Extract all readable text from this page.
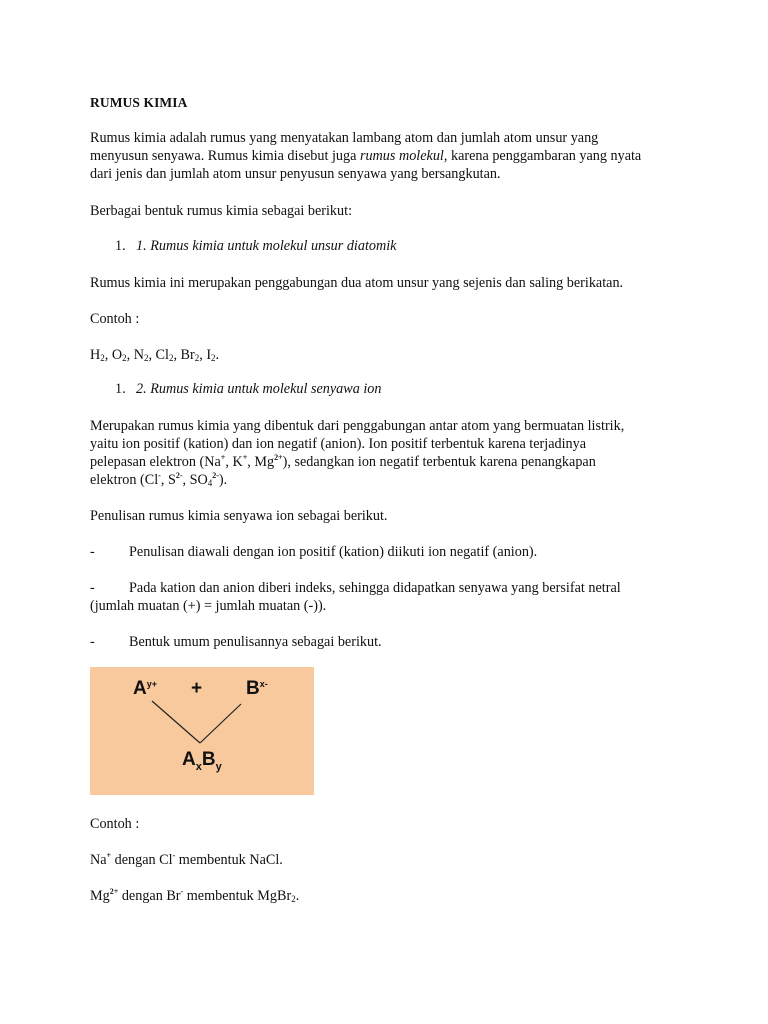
RUMUS KIMIA
Rumus kimia adalah rumus yang menyatakan lambang atom dan jumlah atom unsur yang
menyusun senyawa. Rumus kimia disebut juga rumus molekul, karena penggambaran yang nyata
dari jenis dan jumlah atom unsur penyusun senyawa yang bersangkutan.
Berbagai bentuk rumus kimia sebagai berikut:
1. 1. Rumus kimia untuk molekul unsur diatomik
Rumus kimia ini merupakan penggabungan dua atom unsur yang sejenis dan saling berikatan.
Contoh :
$H_2$, $O_2$, $N_2$, $Cl_2$, $Br_2$, $I_2$.
1. 2. Rumus kimia untuk molekul senyawa ion
Merupakan rumus kimia yang dibentuk dari penggabungan antar atom yang bermuatan listrik,
yaitu ion positif (kation) dan ion negatif (anion). Ion positif terbentuk karena terjadinya
pelepasan elektron (Na+, K+, $Mg^{2+}$), sedangkan ion negatif terbentuk karena penangkapan
elektron (Cl-, $S^{2-}$, $SO_4^{2-}$).
Penulisan rumus kimia senyawa ion sebagai berikut.
- Penulisan diawali dengan ion positif (kation) diikuti ion negatif (anion).
- Pada kation dan anion diberi indeks, sehingga didapatkan senyawa yang bersifat netral
(jumlah muatan (+) = jumlah muatan (-)).
- Bentuk umum penulisannya sebagai berikut.
Contoh :
Na+ dengan Cl- membentuk NaCl.
$Mg^{2+}$ dengan Br- membentuk MgBr$_2$.
$A^{y+} + B^{x-}$
$A_xB_y$
